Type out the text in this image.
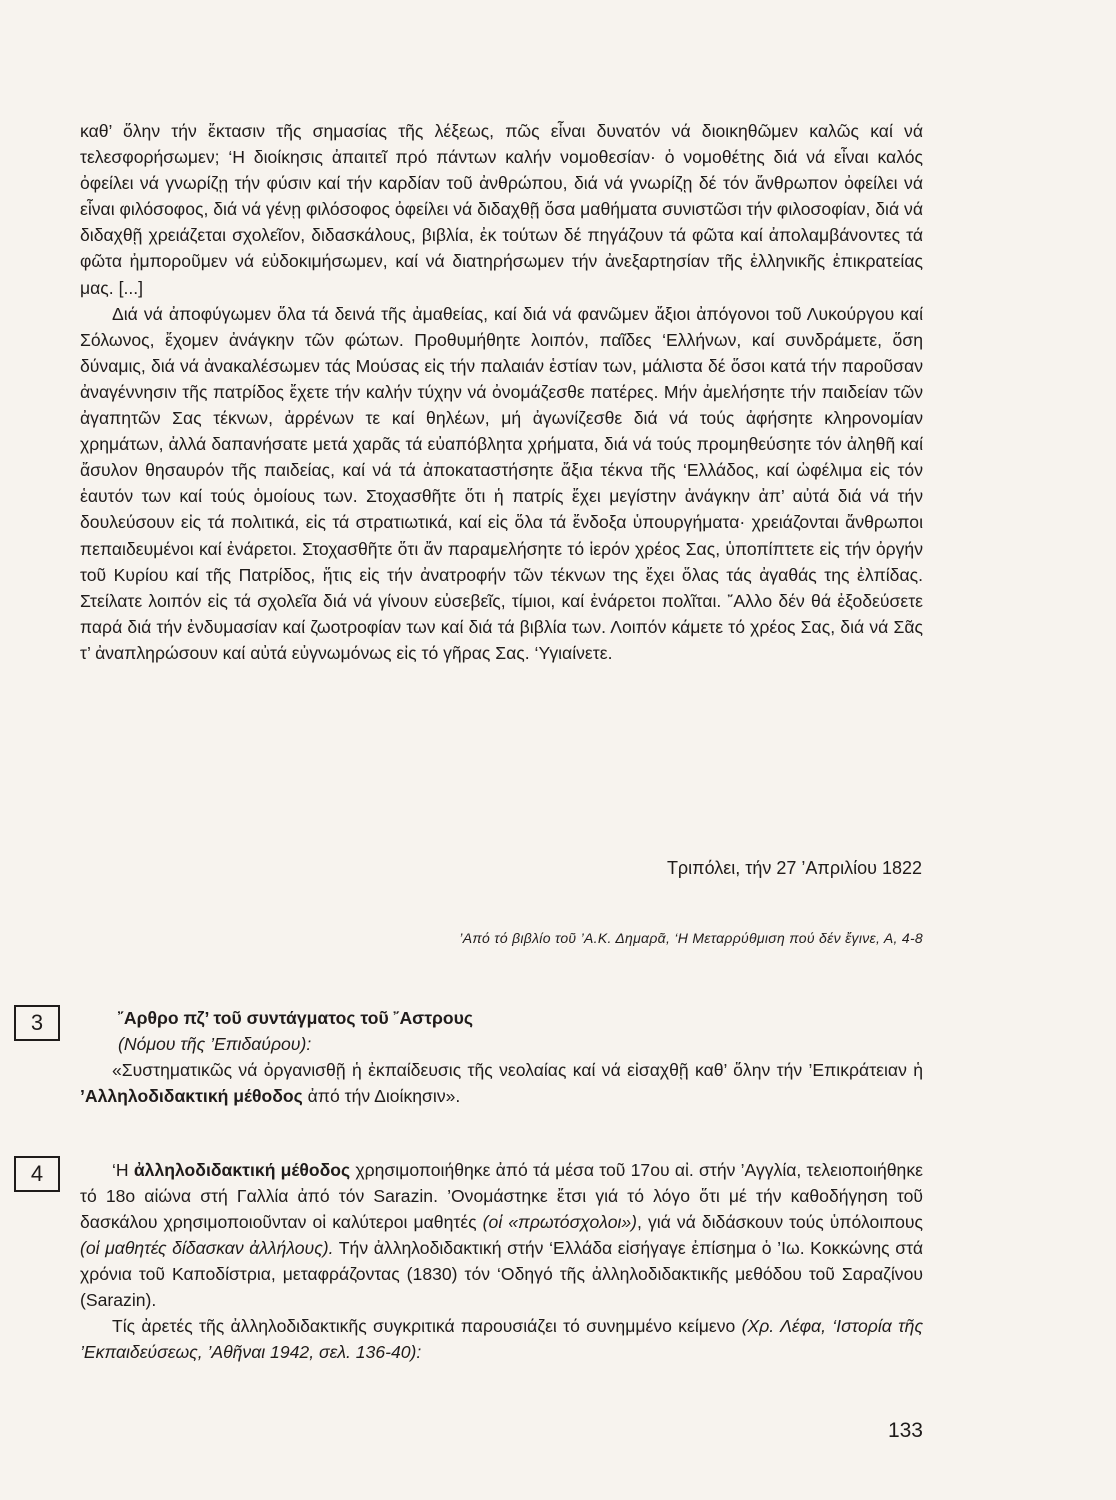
καθ’ ὅλην τήν ἔκτασιν τῆς σημασίας τῆς λέξεως, πῶς εἶναι δυνατόν νά διοικηθῶμεν καλῶς καί νά τελεσφορήσωμεν; ‘Η διοίκησις ἀπαιτεῖ πρό πάντων καλήν νομοθεσίαν· ὁ νομοθέτης διά νά εἶναι καλός ὀφείλει νά γνωρίζῃ τήν φύσιν καί τήν καρδίαν τοῦ ἀνθρώπου, διά νά γνωρίζῃ δέ τόν ἄνθρωπον ὀφείλει νά εἶναι φιλόσοφος, διά νά γένῃ φιλόσοφος ὀφείλει νά διδαχθῇ ὅσα μαθήματα συνιστῶσι τήν φιλοσοφίαν, διά νά διδαχθῇ χρειάζεται σχολεῖον, διδασκάλους, βιβλία, ἐκ τούτων δέ πηγάζουν τά φῶτα καί ἀπολαμβάνοντες τά φῶτα ἠμποροῦμεν νά εὐδοκιμήσωμεν, καί νά διατηρήσωμεν τήν ἀνεξαρτησίαν τῆς ἑλληνικῆς ἐπικρατείας μας. [...]

Διά νά ἀποφύγωμεν ὅλα τά δεινά τῆς ἀμαθείας, καί διά νά φανῶμεν ἄξιοι ἀπόγονοι τοῦ Λυκούργου καί Σόλωνος, ἔχομεν ἀνάγκην τῶν φώτων. Προθυμήθητε λοιπόν, παῖδες ‘Ελλήνων, καί συνδράμετε, ὅση δύναμις, διά νά ἀνακαλέσωμεν τάς Μούσας εἰς τήν παλαιάν ἑστίαν των, μάλιστα δέ ὅσοι κατά τήν παροῦσαν ἀναγέννησιν τῆς πατρίδος ἔχετε τήν καλήν τύχην νά ὀνομάζεσθε πατέρες. Μήν ἀμελήσητε τήν παιδείαν τῶν ἀγαπητῶν Σας τέκνων, ἀρρένων τε καί θηλέων, μή ἀγωνίζεσθε διά νά τούς ἀφήσητε κληρονομίαν χρημάτων, ἀλλά δαπανήσατε μετά χαρᾶς τά εὐαπόβλητα χρήματα, διά νά τούς προμηθεύσητε τόν ἀληθῆ καί ἄσυλον θησαυρόν τῆς παιδείας, καί νά τά ἀποκαταστήσητε ἄξια τέκνα τῆς ‘Ελλάδος, καί ὠφέλιμα εἰς τόν ἑαυτόν των καί τούς ὁμοίους των. Στοχασθῆτε ὅτι ἡ πατρίς ἔχει μεγίστην ἀνάγκην ἀπ’ αὐτά διά νά τήν δουλεύσουν εἰς τά πολιτικά, εἰς τά στρατιωτικά, καί εἰς ὅλα τά ἔνδοξα ὑπουργήματα· χρειάζονται ἄνθρωποι πεπαιδευμένοι καί ἐνάρετοι. Στοχασθῆτε ὅτι ἄν παραμελήσητε τό ἱερόν χρέος Σας, ὑποπίπτετε εἰς τήν ὀργήν τοῦ Κυρίου καί τῆς Πατρίδος, ἥτις εἰς τήν ἀνατροφήν τῶν τέκνων της ἔχει ὅλας τάς ἀγαθάς της ἐλπίδας. Στείλατε λοιπόν εἰς τά σχολεῖα διά νά γίνουν εὐσεβεῖς, τίμιοι, καί ἐνάρετοι πολῖται. ῎Αλλο δέν θά ἐξοδεύσετε παρά διά τήν ἐνδυμασίαν καί ζωοτροφίαν των καί διά τά βιβλία των. Λοιπόν κάμετε τό χρέος Σας, διά νά Σᾶς τ’ ἀναπληρώσουν καί αὐτά εὐγνωμόνως εἰς τό γῆρας Σας. ‘Υγιαίνετε.

Τριπόλει, τήν 27 ’Απριλίου 1822
’Από τό βιβλίο τοῦ ’Α.Κ. Δημαρᾶ, ‘Η Μεταρρύθμιση πού δέν ἔγινε, Α, 4-8
3	῎Αρθρο πζ’ τοῦ συντάγματος τοῦ ῎Αστρους
(Νόμου τῆς ’Επιδαύρου):

«Συστηματικῶς νά ὀργανισθῇ ἡ ἐκπαίδευσις τῆς νεολαίας καί νά εἰσαχθῇ καθ’ ὅλην τήν ’Επικράτειαν ἡ ’Αλληλοδιδακτική μέθοδος ἀπό τήν Διοίκησιν».

4	‘Η ἀλληλοδιδακτική μέθοδος χρησιμοποιήθηκε ἀπό τά μέσα τοῦ 17ου αἰ. στήν ’Αγγλία, τελειοποιήθηκε τό 18ο αἰώνα στή Γαλλία ἀπό τόν Sarazin. ’Ονομάστηκε ἔτσι γιά τό λόγο ὅτι μέ τήν καθοδήγηση τοῦ δασκάλου χρησιμοποιοῦνταν οἱ καλύτεροι μαθητές (οἱ «πρωτόσχολοι»), γιά νά διδάσκουν τούς ὑπόλοιπους (οἱ μαθητές δίδασκαν ἀλλήλους). Τήν ἀλληλοδιδακτική στήν ‘Ελλάδα εἰσήγαγε ἐπίσημα ὁ ’Ιω. Κοκκώνης στά χρόνια τοῦ Καποδίστρια, μεταφράζοντας (1830) τόν ‘Οδηγό τῆς ἀλληλοδιδακτικῆς μεθόδου τοῦ Σαραζίνου (Sarazin).

Τίς ἀρετές τῆς ἀλληλοδιδακτικῆς συγκριτικά παρουσιάζει τό συνημμένο κείμενο (Χρ. Λέφα, ‘Ιστορία τῆς ’Εκπαιδεύσεως, ’Αθῆναι 1942, σελ. 136-40):

133
